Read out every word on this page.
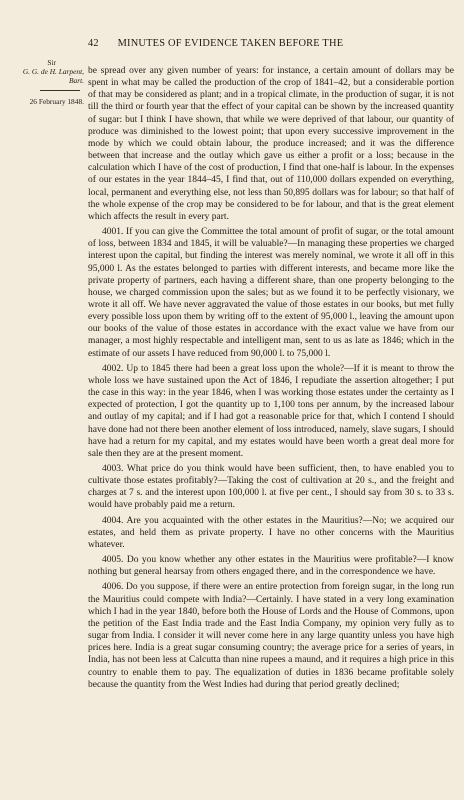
42 MINUTES OF EVIDENCE TAKEN BEFORE THE
Sir
G. G. de H. Larpent,
Bart.
26 February 1848.

be spread over any given number of years: for instance, a certain amount of dollars may be spent in what may be called the production of the crop of 1841–42, but a considerable portion of that may be considered as plant; and in a tropical climate, in the production of sugar, it is not till the third or fourth year that the effect of your capital can be shown by the increased quantity of sugar: but I think I have shown, that while we were deprived of that labour, our quantity of produce was diminished to the lowest point; that upon every successive improvement in the mode by which we could obtain labour, the produce increased; and it was the difference between that increase and the outlay which gave us either a profit or a loss; because in the calculation which I have of the cost of production, I find that one-half is labour. In the expenses of our estates in the year 1844–45, I find that, out of 110,000 dollars expended on everything, local, permanent and everything else, not less than 50,895 dollars was for labour; so that half of the whole expense of the crop may be considered to be for labour, and that is the great element which affects the result in every part.

4001. If you can give the Committee the total amount of profit of sugar, or the total amount of loss, between 1834 and 1845, it will be valuable?—In managing these properties we charged interest upon the capital, but finding the interest was merely nominal, we wrote it all off in this 95,000 l. As the estates belonged to parties with different interests, and became more like the private property of partners, each having a different share, than one property belonging to the house, we charged commission upon the sales; but as we found it to be perfectly visionary, we wrote it all off. We have never aggravated the value of those estates in our books, but met fully every possible loss upon them by writing off to the extent of 95,000 l., leaving the amount upon our books of the value of those estates in accordance with the exact value we have from our manager, a most highly respectable and intelligent man, sent to us as late as 1846; which in the estimate of our assets I have reduced from 90,000 l. to 75,000 l.

4002. Up to 1845 there had been a great loss upon the whole?—If it is meant to throw the whole loss we have sustained upon the Act of 1846, I repudiate the assertion altogether; I put the case in this way: in the year 1846, when I was working those estates under the certainty as I expected of protection, I got the quantity up to 1,100 tons per annum, by the increased labour and outlay of my capital; and if I had got a reasonable price for that, which I contend I should have done had not there been another element of loss introduced, namely, slave sugars, I should have had a return for my capital, and my estates would have been worth a great deal more for sale then they are at the present moment.

4003. What price do you think would have been sufficient, then, to have enabled you to cultivate those estates profitably?—Taking the cost of cultivation at 20 s., and the freight and charges at 7 s. and the interest upon 100,000 l. at five per cent., I should say from 30 s. to 33 s. would have probably paid me a return.

4004. Are you acquainted with the other estates in the Mauritius?—No; we acquired our estates, and held them as private property. I have no other concerns with the Mauritius whatever.

4005. Do you know whether any other estates in the Mauritius were profitable?—I know nothing but general hearsay from others engaged there, and in the correspondence we have.

4006. Do you suppose, if there were an entire protection from foreign sugar, in the long run the Mauritius could compete with India?—Certainly. I have stated in a very long examination which I had in the year 1840, before both the House of Lords and the House of Commons, upon the petition of the East India trade and the East India Company, my opinion very fully as to sugar from India. I consider it will never come here in any large quantity unless you have high prices here. India is a great sugar consuming country; the average price for a series of years, in India, has not been less at Calcutta than nine rupees a maund, and it requires a high price in this country to enable them to pay. The equalization of duties in 1836 became profitable solely because the quantity from the West Indies had during that period greatly declined;
